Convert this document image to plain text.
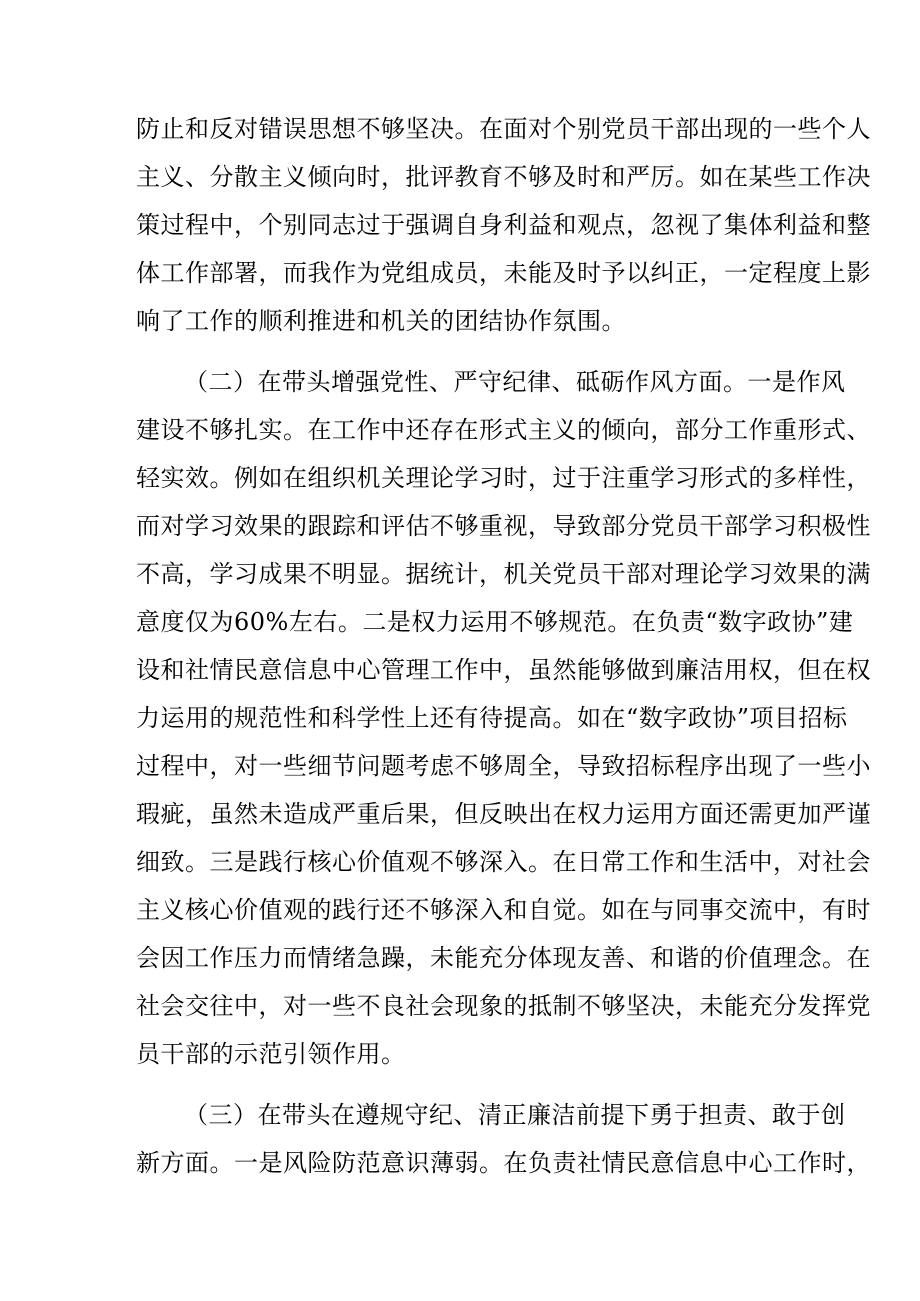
防止和反对错误思想不够坚决。在面对个别党员干部出现的一些个人
主义、分散主义倾向时，批评教育不够及时和严厉。如在某些工作决
策过程中，个别同志过于强调自身利益和观点，忽视了集体利益和整
体工作部署，而我作为党组成员，未能及时予以纠正，一定程度上影
响了工作的顺利推进和机关的团结协作氛围。
（二）在带头增强党性、严守纪律、砥砺作风方面。一是作风
建设不够扎实。在工作中还存在形式主义的倾向，部分工作重形式、
轻实效。例如在组织机关理论学习时，过于注重学习形式的多样性，
而对学习效果的跟踪和评估不够重视，导致部分党员干部学习积极性
不高，学习成果不明显。据统计，机关党员干部对理论学习效果的满
意度仅为60%左右。二是权力运用不够规范。在负责“数字政协”建
设和社情民意信息中心管理工作中，虽然能够做到廉洁用权，但在权
力运用的规范性和科学性上还有待提高。如在“数字政协”项目招标
过程中，对一些细节问题考虑不够周全，导致招标程序出现了一些小
瑕疵，虽然未造成严重后果，但反映出在权力运用方面还需更加严谨
细致。三是践行核心价值观不够深入。在日常工作和生活中，对社会
主义核心价值观的践行还不够深入和自觉。如在与同事交流中，有时
会因工作压力而情绪急躁，未能充分体现友善、和谐的价值理念。在
社会交往中，对一些不良社会现象的抵制不够坚决，未能充分发挥党
员干部的示范引领作用。
（三）在带头在遵规守纪、清正廉洁前提下勇于担责、敢于创
新方面。一是风险防范意识薄弱。在负责社情民意信息中心工作时，
